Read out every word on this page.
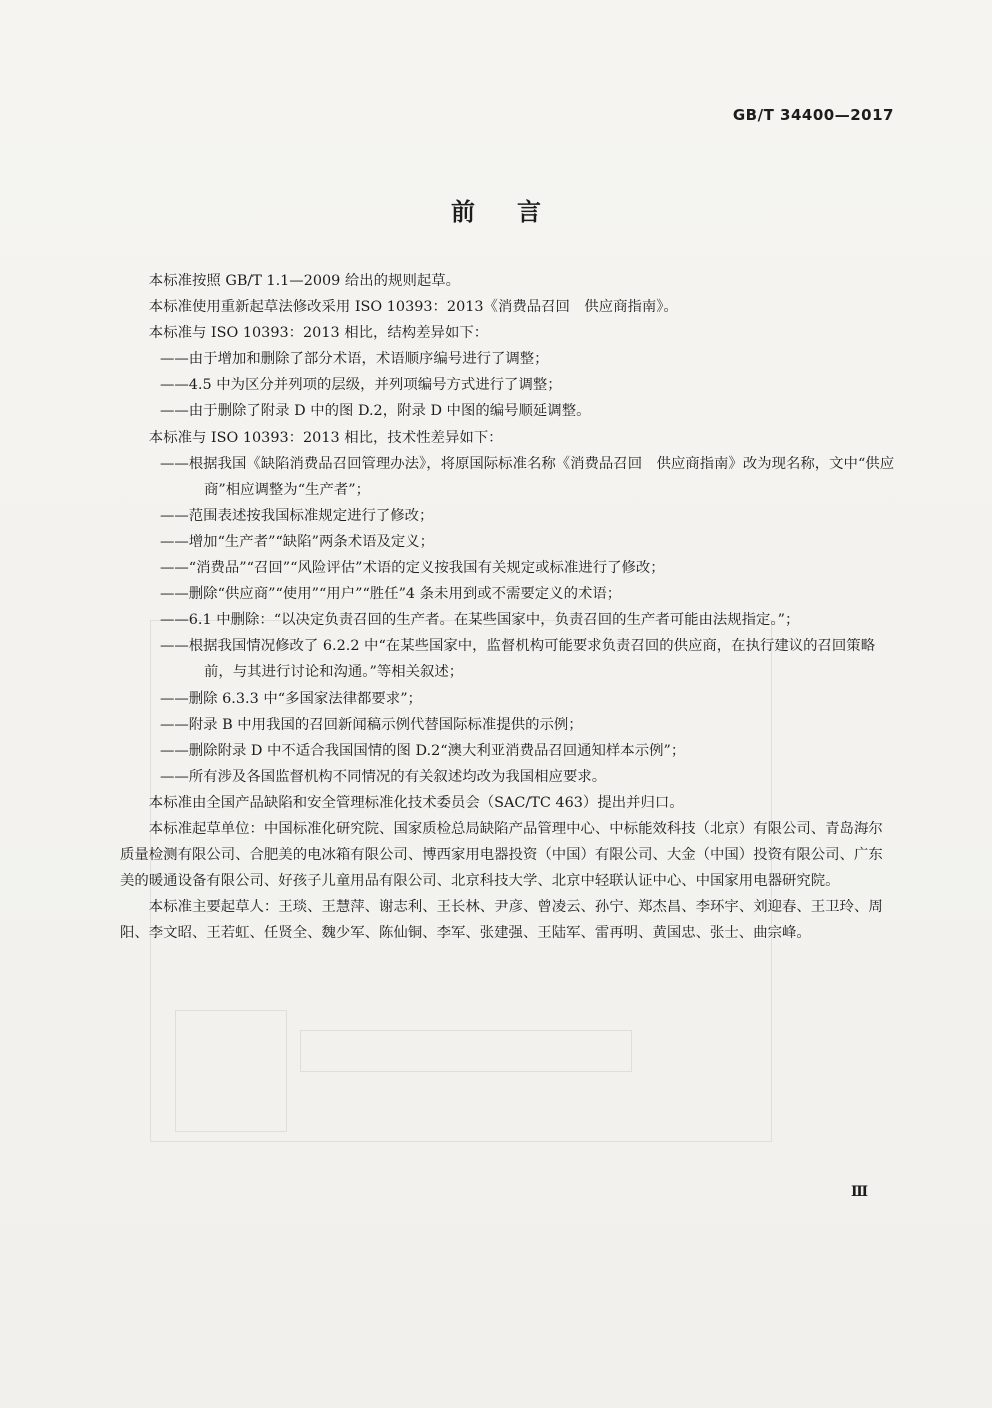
GB/T 34400—2017
前言

本标准按照 GB/T 1.1—2009 给出的规则起草。

本标准使用重新起草法修改采用 ISO 10393：2013《消费品召回　供应商指南》。

本标准与 ISO 10393：2013 相比，结构差异如下：

——由于增加和删除了部分术语，术语顺序编号进行了调整；

——4.5 中为区分并列项的层级，并列项编号方式进行了调整；

——由于删除了附录 D 中的图 D.2，附录 D 中图的编号顺延调整。

本标准与 ISO 10393：2013 相比，技术性差异如下：

——根据我国《缺陷消费品召回管理办法》，将原国际标准名称《消费品召回　供应商指南》改为现名称，文中“供应商”相应调整为“生产者”；

——范围表述按我国标准规定进行了修改；

——增加“生产者”“缺陷”两条术语及定义；

——“消费品”“召回”“风险评估”术语的定义按我国有关规定或标准进行了修改；

——删除“供应商”“使用”“用户”“胜任”4 条未用到或不需要定义的术语；

——6.1 中删除：“以决定负责召回的生产者。在某些国家中，负责召回的生产者可能由法规指定。”；

——根据我国情况修改了 6.2.2 中“在某些国家中，监督机构可能要求负责召回的供应商，在执行建议的召回策略前，与其进行讨论和沟通。”等相关叙述；

——删除 6.3.3 中“多国家法律都要求”；

——附录 B 中用我国的召回新闻稿示例代替国际标准提供的示例；

——删除附录 D 中不适合我国国情的图 D.2“澳大利亚消费品召回通知样本示例”；

——所有涉及各国监督机构不同情况的有关叙述均改为我国相应要求。

本标准由全国产品缺陷和安全管理标准化技术委员会（SAC/TC 463）提出并归口。

本标准起草单位：中国标准化研究院、国家质检总局缺陷产品管理中心、中标能效科技（北京）有限公司、青岛海尔质量检测有限公司、合肥美的电冰箱有限公司、博西家用电器投资（中国）有限公司、大金（中国）投资有限公司、广东美的暖通设备有限公司、好孩子儿童用品有限公司、北京科技大学、北京中轻联认证中心、中国家用电器研究院。

本标准主要起草人：王琰、王慧萍、谢志利、王长林、尹彦、曾凌云、孙宁、郑杰昌、李环宇、刘迎春、王卫玲、周阳、李文昭、王若虹、任贤全、魏少军、陈仙铜、李军、张建强、王陆军、雷再明、黄国忠、张士、曲宗峰。

Ⅲ
